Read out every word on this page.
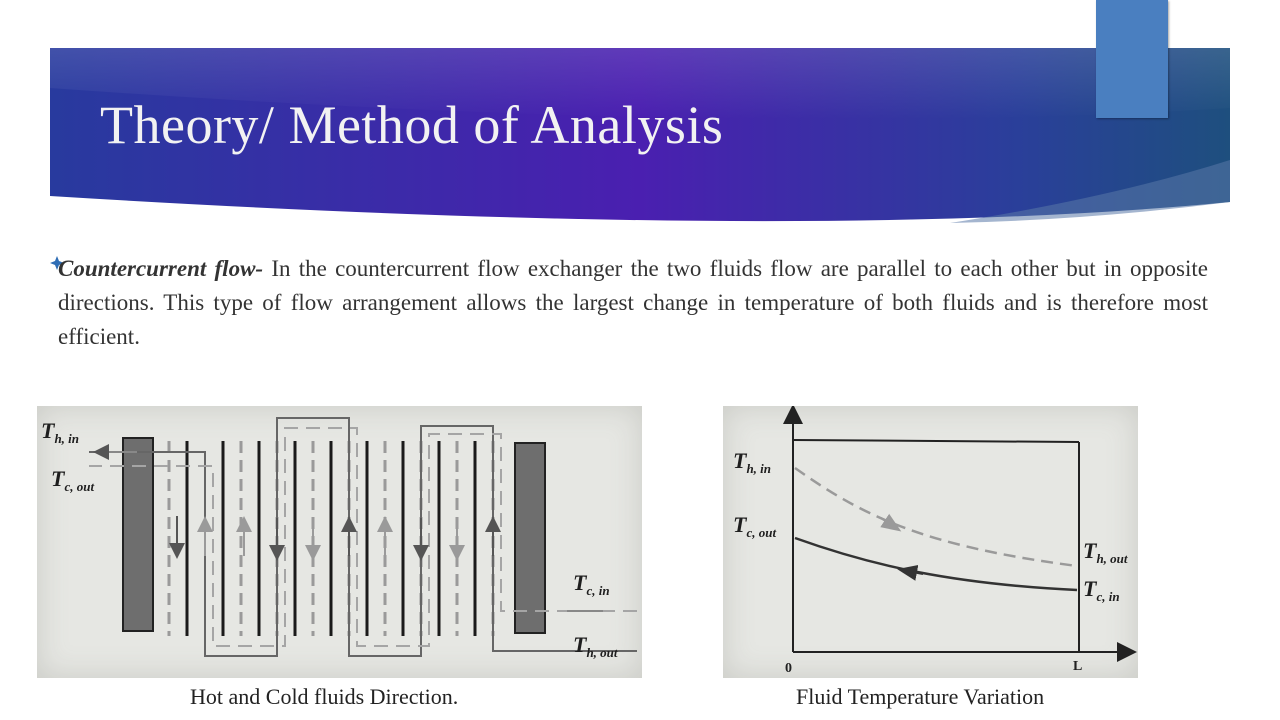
Theory/ Method of Analysis

Countercurrent flow- In the countercurrent flow exchanger the two fluids flow are parallel to each other but in opposite directions. This type of flow arrangement allows the largest change in temperature of both fluids and is therefore most efficient.

$T_{h, in}$
$T_{c, out}$
$T_{c, in}$
$T_{h, out}$
$T_{h, in}$
$T_{c, out}$
$T_{h, out}$
$T_{c, in}$
0	L

Hot and Cold fluids Direction.	Fluid Temperature Variation
